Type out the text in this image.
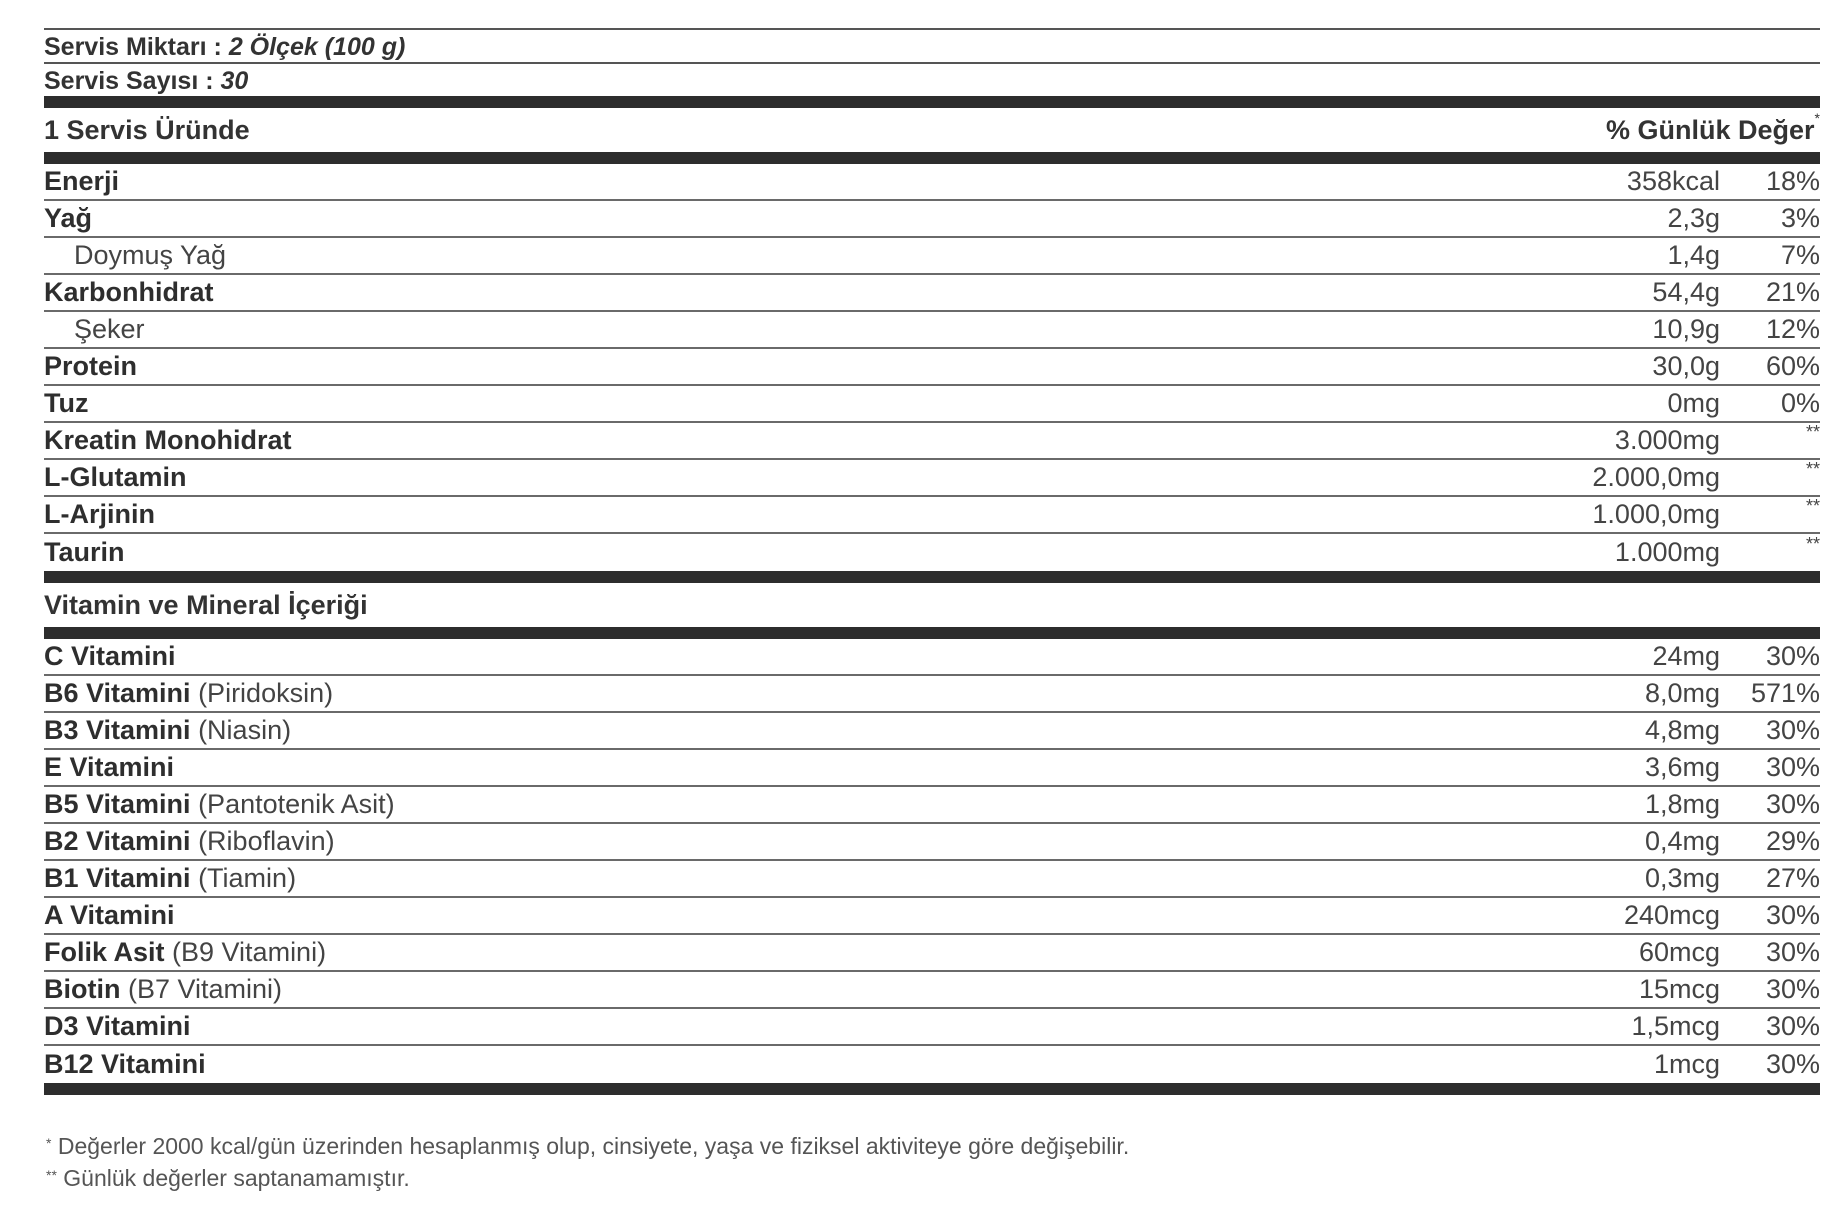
Servis Miktarı : 2 Ölçek (100 g)
Servis Sayısı : 30
1 Servis Üründe	% Günlük Değer*
Enerji	358kcal	18%
Yağ	2,3g	3%
Doymuş Yağ	1,4g	7%
Karbonhidrat	54,4g	21%
Şeker	10,9g	12%
Protein	30,0g	60%
Tuz	0mg	0%
Kreatin Monohidrat	3.000mg	**
L-Glutamin	2.000,0mg	**
L-Arjinin	1.000,0mg	**
Taurin	1.000mg	**
Vitamin ve Mineral İçeriği
C Vitamini	24mg	30%
B6 Vitamini (Piridoksin)	8,0mg	571%
B3 Vitamini (Niasin)	4,8mg	30%
E Vitamini	3,6mg	30%
B5 Vitamini (Pantotenik Asit)	1,8mg	30%
B2 Vitamini (Riboflavin)	0,4mg	29%
B1 Vitamini (Tiamin)	0,3mg	27%
A Vitamini	240mcg	30%
Folik Asit (B9 Vitamini)	60mcg	30%
Biotin (B7 Vitamini)	15mcg	30%
D3 Vitamini	1,5mcg	30%
B12 Vitamini	1mcg	30%
* Değerler 2000 kcal/gün üzerinden hesaplanmış olup, cinsiyete, yaşa ve fiziksel aktiviteye göre değişebilir.
** Günlük değerler saptanamamıştır.
